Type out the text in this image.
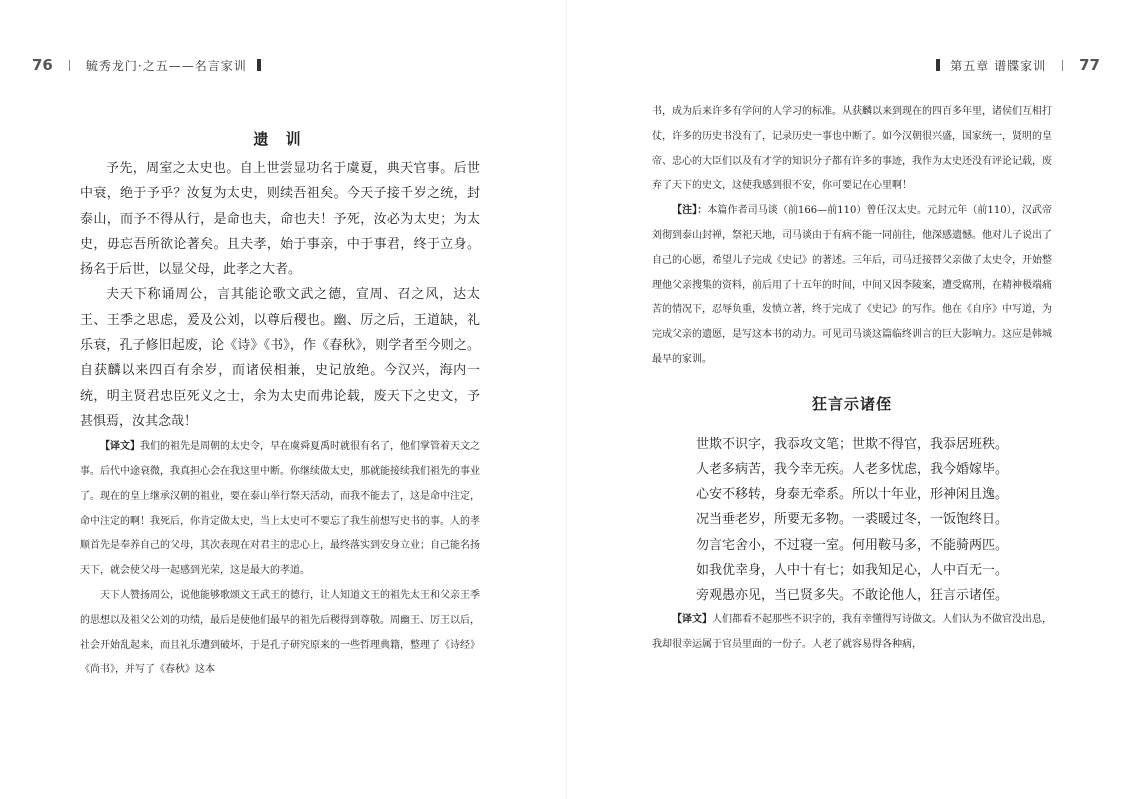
76	毓秀龙门·之五——名言家训
遗 训

予先，周室之太史也。自上世尝显功名于虞夏，典天官事。后世中衰，绝于予乎？汝复为太史，则续吾祖矣。今天子接千岁之统，封泰山，而予不得从行，是命也夫，命也夫！予死，汝必为太史；为太史，毋忘吾所欲论著矣。且夫孝，始于事亲，中于事君，终于立身。扬名于后世，以显父母，此孝之大者。

夫天下称诵周公，言其能论歌文武之德，宣周、召之风，达太王、王季之思虑，爰及公刘，以尊后稷也。幽、厉之后，王道缺，礼乐衰，孔子修旧起废，论《诗》《书》，作《春秋》，则学者至今则之。自获麟以来四百有余岁，而诸侯相兼，史记放绝。今汉兴，海内一统，明主贤君忠臣死义之士，余为太史而弗论载，废天下之史文，予甚惧焉，汝其念哉！

【译文】我们的祖先是周朝的太史令，早在虞舜夏禹时就很有名了，他们掌管着天文之事。后代中途衰微，我真担心会在我这里中断。你继续做太史，那就能接续我们祖先的事业了。现在的皇上继承汉朝的祖业，要在泰山举行祭天活动，而我不能去了，这是命中注定，命中注定的啊！我死后，你肯定做太史，当上太史可不要忘了我生前想写史书的事。人的孝顺首先是奉养自己的父母，其次表现在对君主的忠心上，最终落实到安身立业；自己能名扬天下，就会使父母一起感到光荣，这是最大的孝道。

天下人赞扬周公，说他能够歌颂文王武王的德行，让人知道文王的祖先太王和父亲王季的思想以及祖父公刘的功绩，最后是使他们最早的祖先后稷得到尊敬。周幽王、厉王以后，社会开始乱起来，而且礼乐遭到破坏，于是孔子研究原来的一些哲理典籍，整理了《诗经》《尚书》，并写了《春秋》这本

第五章 谱牒家训 77

书，成为后来许多有学问的人学习的标准。从获麟以来到现在的四百多年里，诸侯们互相打仗，许多的历史书没有了，记录历史一事也中断了。如今汉朝很兴盛，国家统一，贤明的皇帝、忠心的大臣们以及有才学的知识分子都有许多的事迹，我作为太史还没有评论记载，废弃了天下的史文，这使我感到很不安，你可要记在心里啊！

【注】：本篇作者司马谈（前166—前110）曾任汉太史。元封元年（前110），汉武帝刘彻到泰山封禅，祭祀天地，司马谈由于有病不能一同前往，他深感遗憾。他对儿子说出了自己的心愿，希望儿子完成《史记》的著述。三年后，司马迁接替父亲做了太史令，开始整理他父亲搜集的资料，前后用了十五年的时间，中间又因李陵案，遭受腐刑，在精神极端痛苦的情况下，忍辱负重，发愤立著，终于完成了《史记》的写作。他在《自序》中写道，为完成父亲的遗愿，是写这本书的动力。可见司马谈这篇临终训言的巨大影响力。这应是韩城最早的家训。

狂言示诸侄

世欺不识字，我忝攻文笔；世欺不得官，我忝居班秩。

人老多病苦，我今幸无疾。人老多忧虑，我今婚嫁毕。

心安不移转，身泰无牵系。所以十年业，形神闲且逸。

况当垂老岁，所要无多物。一裘暖过冬，一饭饱终日。

勿言宅舍小，不过寝一室。何用鞍马多，不能骑两匹。

如我优幸身，人中十有七；如我知足心，人中百无一。

旁观愚亦见，当已贤多失。不敢论他人，狂言示诸侄。

【译文】人们都看不起那些不识字的，我有幸懂得写诗做文。人们认为不做官没出息，我却很幸运属于官员里面的一份子。人老了就容易得各种病，
